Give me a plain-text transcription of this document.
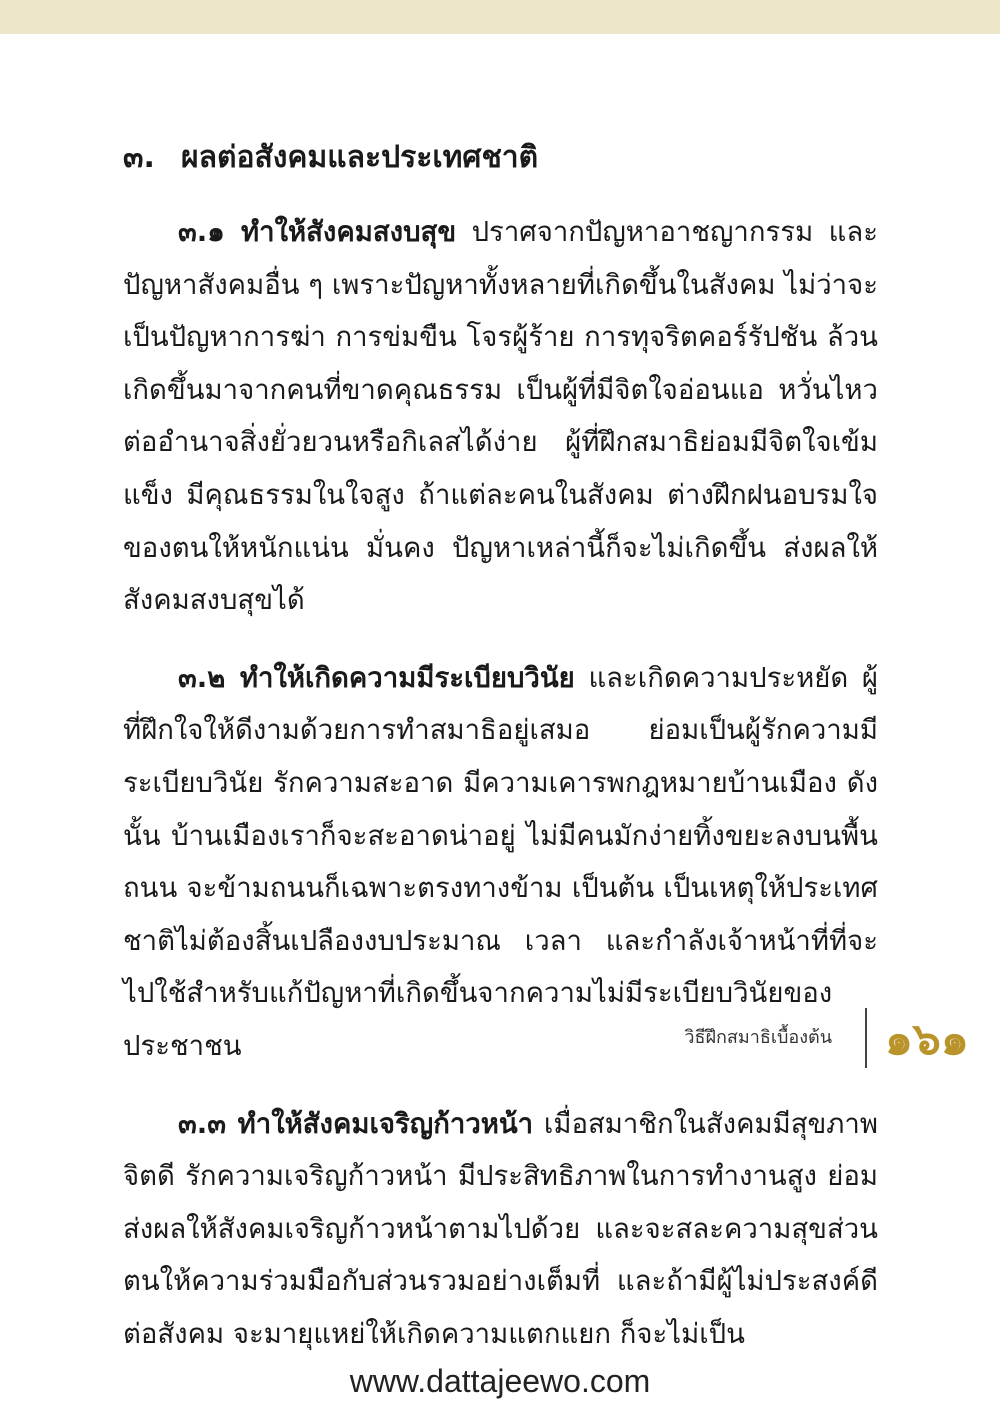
๓. ผลต่อสังคมและประเทศชาติ

๓.๑ ทำให้สังคมสงบสุข ปราศจากปัญหาอาชญากรรม และปัญหาสังคมอื่น ๆ เพราะปัญหาทั้งหลายที่เกิดขึ้นในสังคม ไม่ว่าจะเป็นปัญหาการฆ่า การข่มขืน โจรผู้ร้าย การทุจริตคอร์รัปชัน ล้วนเกิดขึ้นมาจากคนที่ขาดคุณธรรม เป็นผู้ที่มีจิตใจอ่อนแอ หวั่นไหวต่ออำนาจสิ่งยั่วยวนหรือกิเลสได้ง่าย ผู้ที่ฝึกสมาธิย่อมมีจิตใจเข้มแข็ง มีคุณธรรมในใจสูง ถ้าแต่ละคนในสังคม ต่างฝึกฝนอบรมใจของตนให้หนักแน่น มั่นคง ปัญหาเหล่านี้ก็จะไม่เกิดขึ้น ส่งผลให้สังคมสงบสุขได้

๓.๒ ทำให้เกิดความมีระเบียบวินัย และเกิดความประหยัด ผู้ที่ฝึกใจให้ดีงามด้วยการทำสมาธิอยู่เสมอ ย่อมเป็นผู้รักความมีระเบียบวินัย รักความสะอาด มีความเคารพกฎหมายบ้านเมือง ดังนั้น บ้านเมืองเราก็จะสะอาดน่าอยู่ ไม่มีคนมักง่ายทิ้งขยะลงบนพื้นถนน จะข้ามถนนก็เฉพาะตรงทางข้าม เป็นต้น เป็นเหตุให้ประเทศชาติไม่ต้องสิ้นเปลืองงบประมาณ เวลา และกำลังเจ้าหน้าที่ที่จะไปใช้สำหรับแก้ปัญหาที่เกิดขึ้นจากความไม่มีระเบียบวินัยของประชาชน

๓.๓ ทำให้สังคมเจริญก้าวหน้า เมื่อสมาชิกในสังคมมีสุขภาพจิตดี รักความเจริญก้าวหน้า มีประสิทธิภาพในการทำงานสูง ย่อมส่งผลให้สังคมเจริญก้าวหน้าตามไปด้วย และจะสละความสุขส่วนตนให้ความร่วมมือกับส่วนรวมอย่างเต็มที่ และถ้ามีผู้ไม่ประสงค์ดีต่อสังคม จะมายุแหย่ให้เกิดความแตกแยก ก็จะไม่เป็น

วิธีฝึกสมาธิเบื้องต้น ๑๖๑
www.dattajeewo.com
